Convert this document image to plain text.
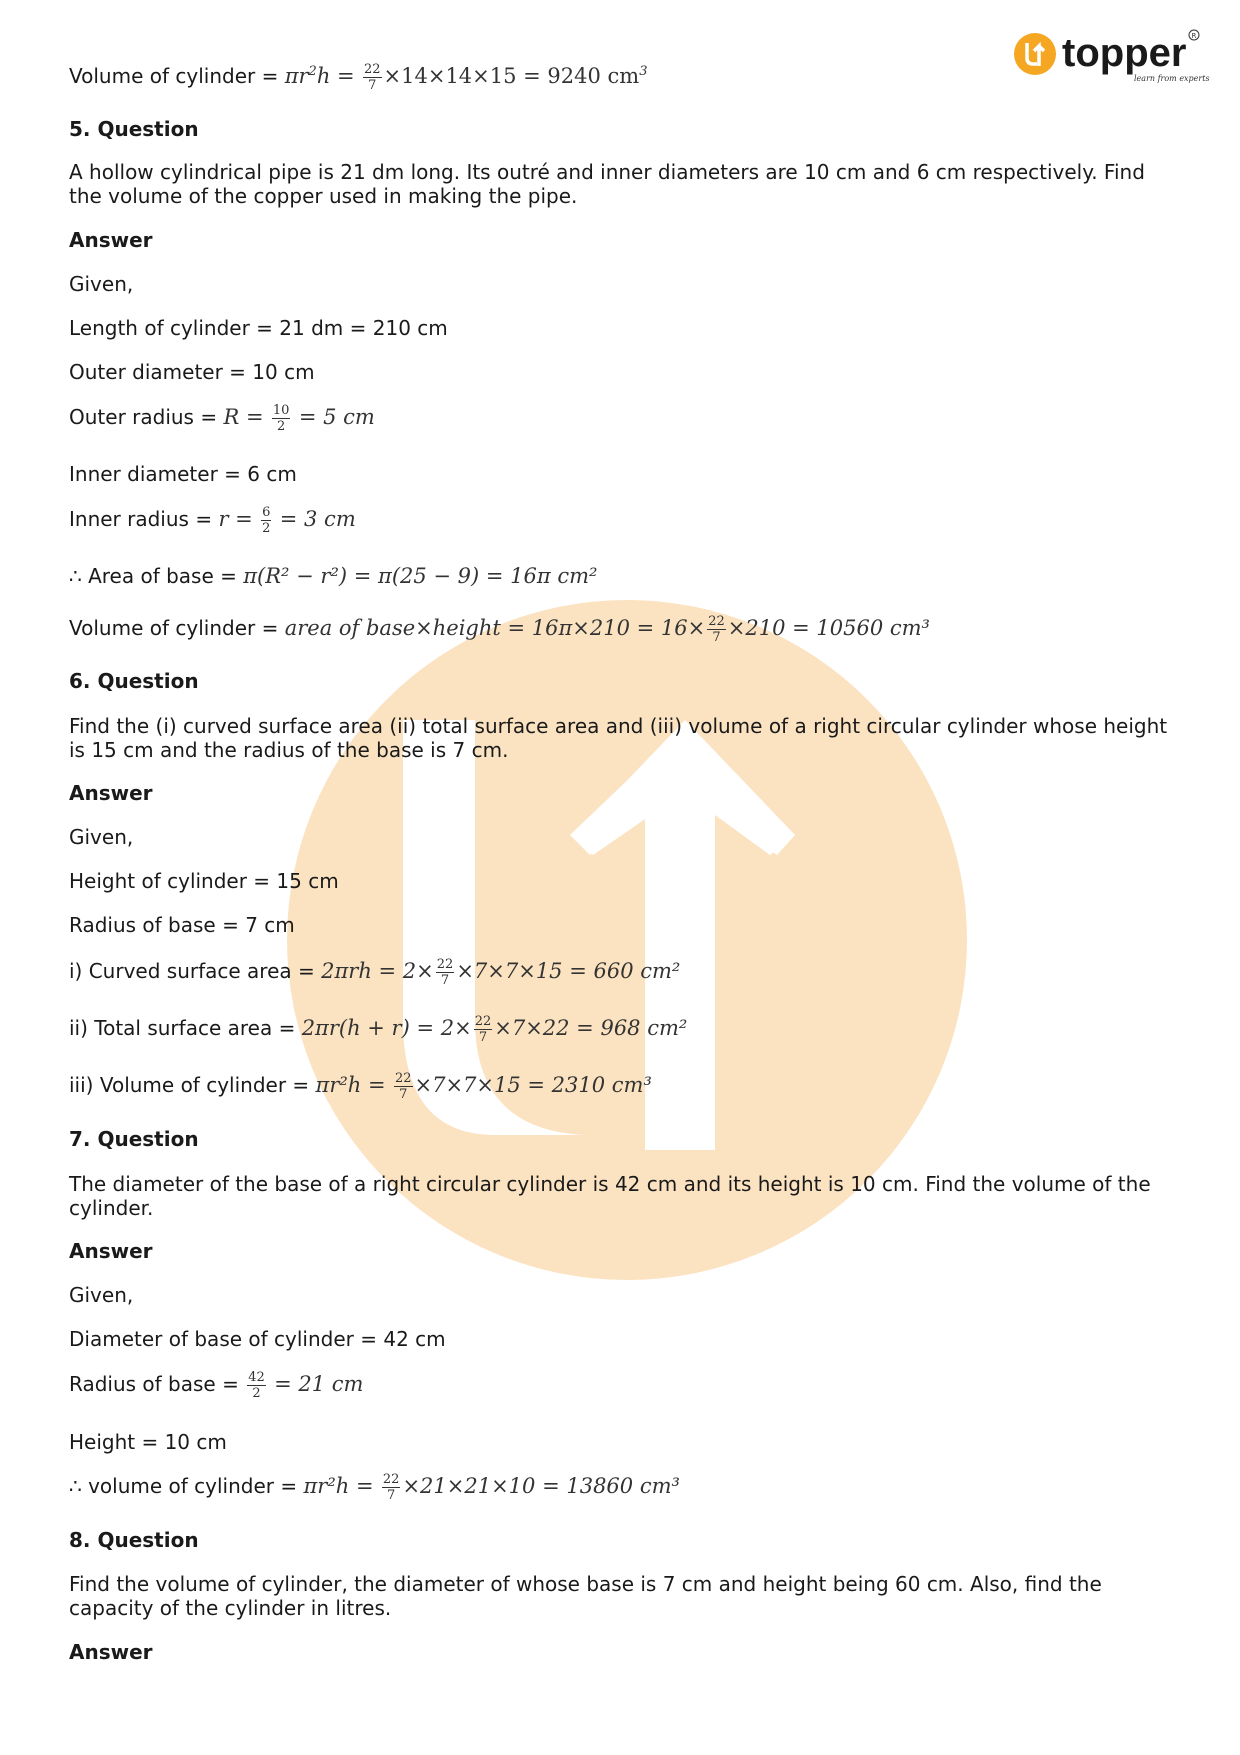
topper
learn from experts
R
Volume of cylinder = $\pi r^2h = \frac{22}{7} \times 14\times 14\times 15 = 9240$ $cm^3$
5. Question
A hollow cylindrical pipe is 21 dm long. Its outré and inner diameters are 10 cm and 6 cm respectively. Find the volume of the copper used in making the pipe.
Answer
Given,
Length of cylinder = 21 dm = 210 cm
Outer diameter = 10 cm
Outer radius = $R = \frac{10}{2} = 5$ cm
Inner diameter = 6 cm
Inner radius = $r = \frac{6}{2} = 3$ cm
∴ Area of base = π(R² − r²) = π(25 − 9) = 16π cm²
Volume of cylinder = area of base×height = $16\pi\times 210 = 16\times \frac{22}{7} \times 210 = 10560$ cm³
6. Question
Find the (i) curved surface area (ii) total surface area and (iii) volume of a right circular cylinder whose height is 15 cm and the radius of the base is 7 cm.
Answer
Given,
Height of cylinder = 15 cm
Radius of base = 7 cm
i) Curved surface area = $2\pi rh = 2\times \frac{22}{7} \times 7\times 7\times 15 = 660$ cm²
ii) Total surface area = $2\pi r(h + r) = 2\times \frac{22}{7} \times 7\times 22 = 968$ cm²
iii) Volume of cylinder = $\pi r^2h = \frac{22}{7} \times 7\times 7\times 15 = 2310$ cm³
7. Question
The diameter of the base of a right circular cylinder is 42 cm and its height is 10 cm. Find the volume of the cylinder.
Answer
Given,
Diameter of base of cylinder = 42 cm
Radius of base = $\frac{42}{2} = 21$ cm
Height = 10 cm
∴ volume of cylinder = $\pi r^2h = \frac{22}{7} \times 21\times 21\times 10 = 13860$ cm³
8. Question
Find the volume of cylinder, the diameter of whose base is 7 cm and height being 60 cm. Also, find the capacity of the cylinder in litres.
Answer
